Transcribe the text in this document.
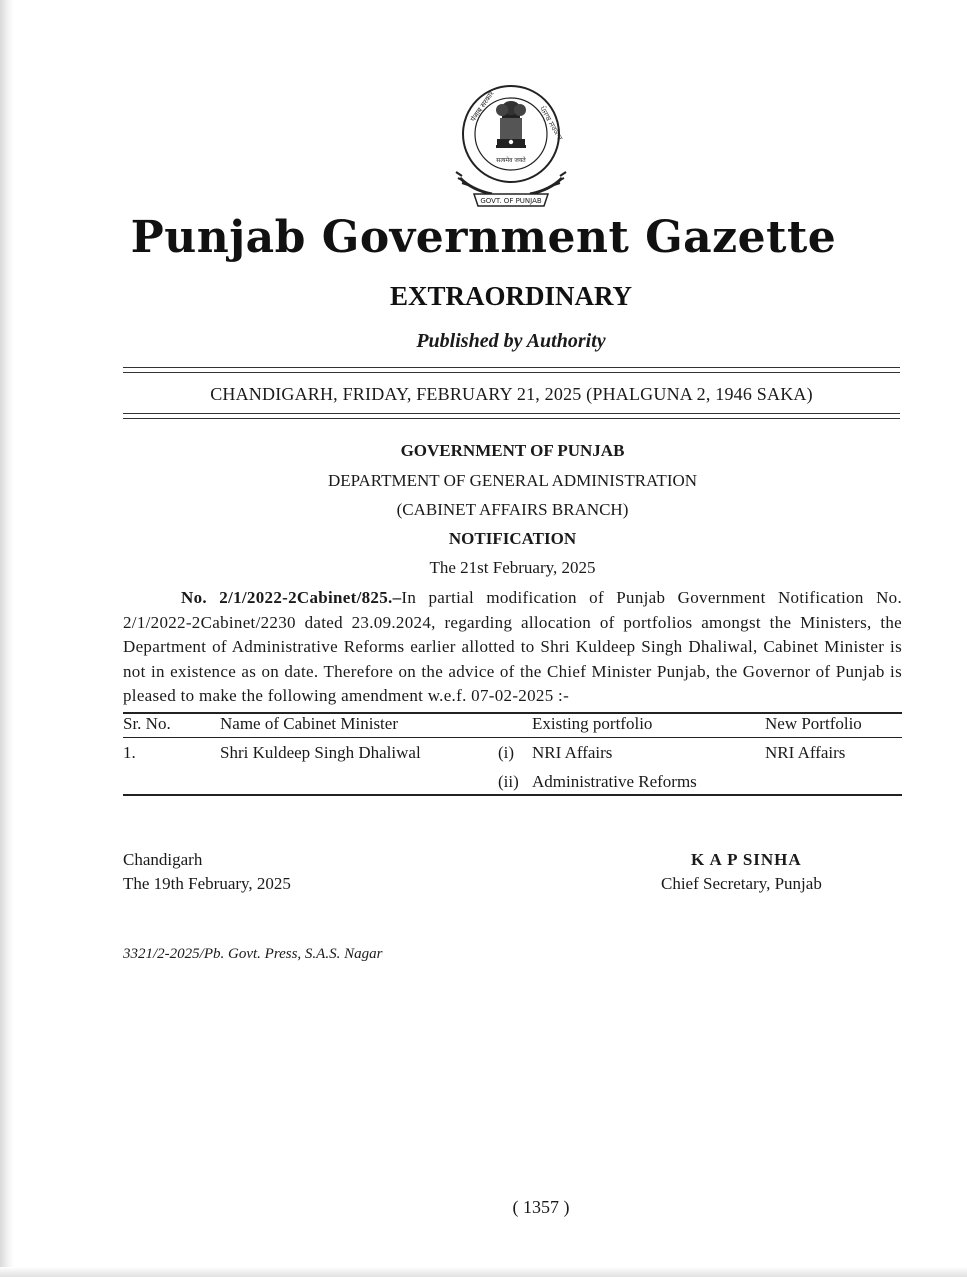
पंजाब सरकार	ਪੰਜਾਬ ਸਰਕਾਰ
सत्यमेव जयते
GOVT. OF PUNJAB
Punjab Government Gazette
EXTRAORDINARY
Published by Authority
CHANDIGARH, FRIDAY, FEBRUARY 21, 2025 (PHALGUNA 2, 1946 SAKA)
GOVERNMENT OF PUNJAB
DEPARTMENT OF GENERAL ADMINISTRATION
(CABINET AFFAIRS BRANCH)
NOTIFICATION
The 21st February, 2025
No. 2/1/2022-2Cabinet/825.–In partial modification of Punjab Government Notification No. 2/1/2022-2Cabinet/2230 dated 23.09.2024, regarding allocation of portfolios amongst the Ministers, the Department of Administrative Reforms earlier allotted to Shri Kuldeep Singh Dhaliwal, Cabinet Minister is not in existence as on date. Therefore on the advice of the Chief Minister Punjab, the Governor of Punjab is pleased to make the following amendment w.e.f. 07-02-2025 :-
Sr. No.	Name of Cabinet Minister	Existing portfolio	New Portfolio
1.	Shri Kuldeep Singh Dhaliwal	(i) NRI Affairs	NRI Affairs
(ii) Administrative Reforms
Chandigarh
The 19th February, 2025
K A P SINHA
Chief Secretary, Punjab
3321/2-2025/Pb. Govt. Press, S.A.S. Nagar
( 1357 )
